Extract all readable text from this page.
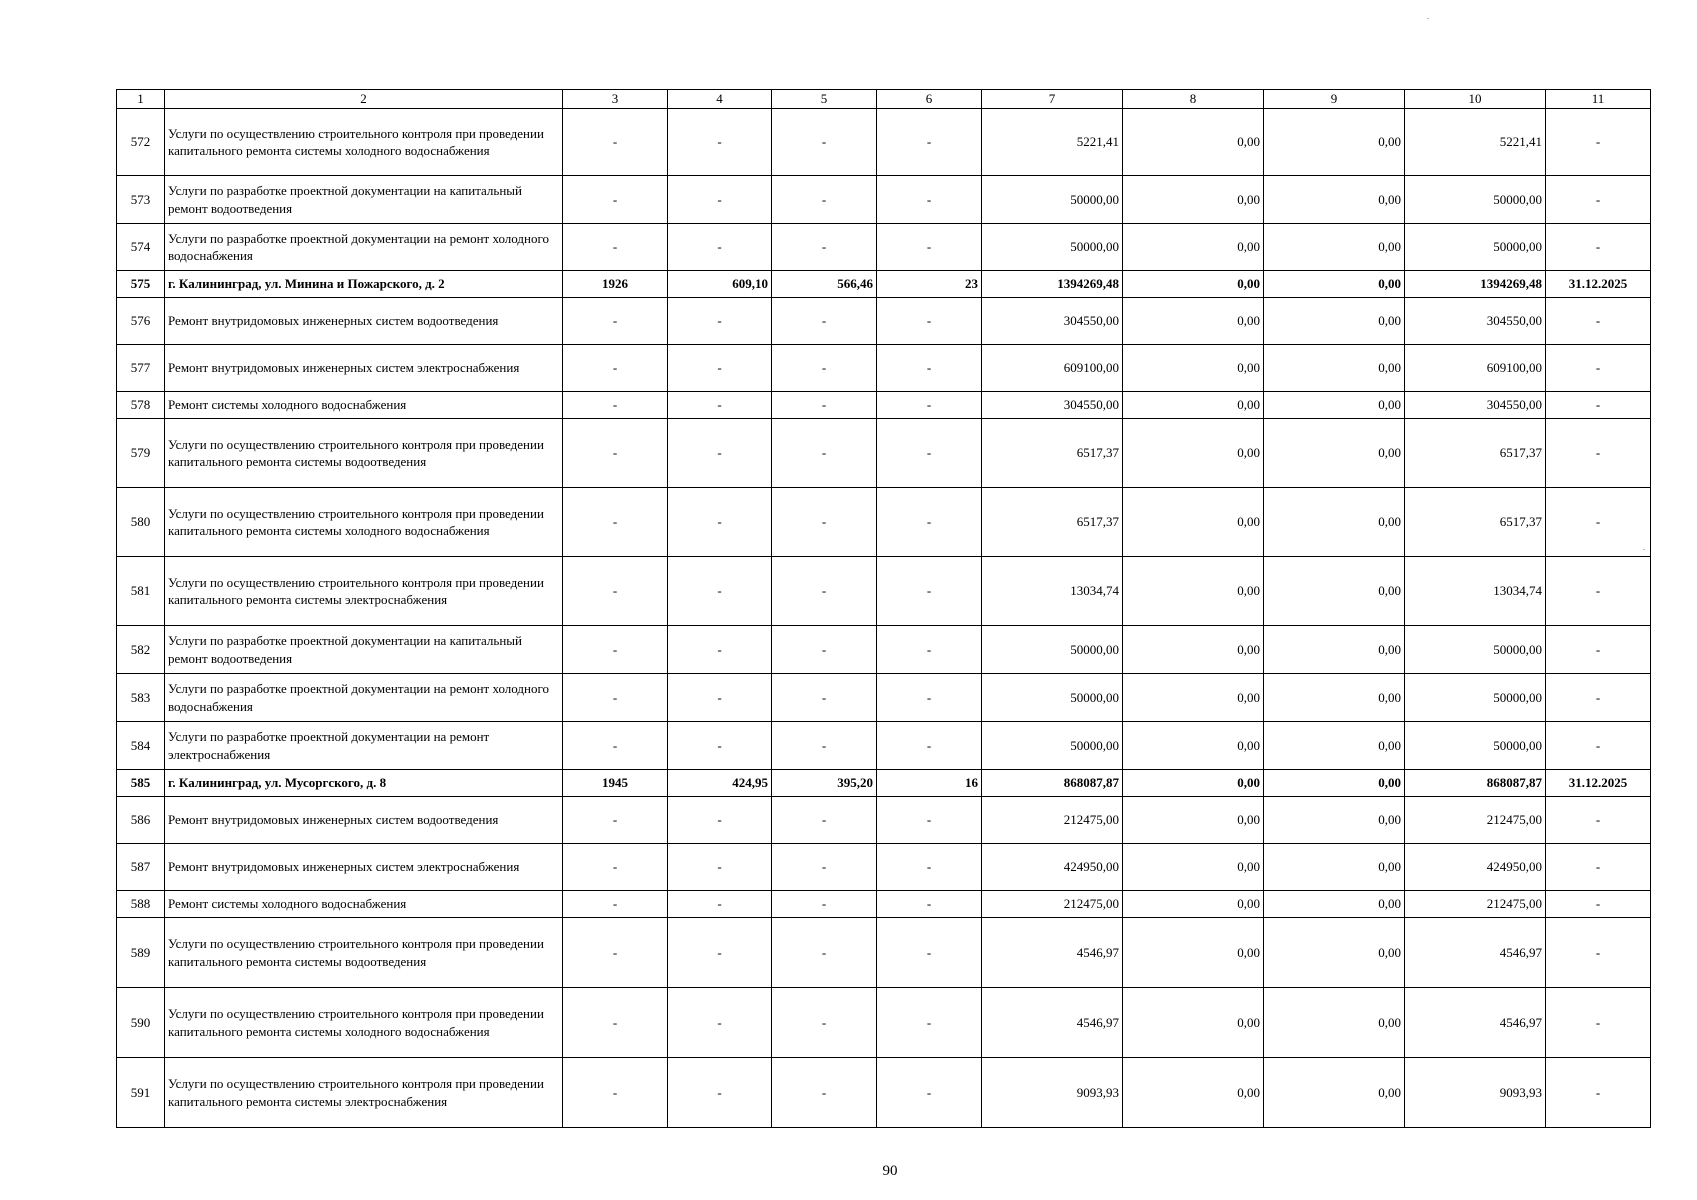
1	2	3	4	5	6	7	8	9	10	11
572	Услуги по осуществлению строительного контроля при проведении капитального ремонта системы холодного водоснабжения	-	-	-	-	5221,41	0,00	0,00	5221,41	-
573	Услуги по разработке проектной документации на капитальный ремонт водоотведения	-	-	-	-	50000,00	0,00	0,00	50000,00	-
574	Услуги по разработке проектной документации на ремонт холодного водоснабжения	-	-	-	-	50000,00	0,00	0,00	50000,00	-
575	г. Калининград, ул. Минина и Пожарского, д. 2	1926	609,10	566,46	23	1394269,48	0,00	0,00	1394269,48	31.12.2025
576	Ремонт внутридомовых инженерных систем водоотведения	-	-	-	-	304550,00	0,00	0,00	304550,00	-
577	Ремонт внутридомовых инженерных систем электроснабжения	-	-	-	-	609100,00	0,00	0,00	609100,00	-
578	Ремонт системы холодного водоснабжения	-	-	-	-	304550,00	0,00	0,00	304550,00	-
579	Услуги по осуществлению строительного контроля при проведении капитального ремонта системы водоотведения	-	-	-	-	6517,37	0,00	0,00	6517,37	-
580	Услуги по осуществлению строительного контроля при проведении капитального ремонта системы холодного водоснабжения	-	-	-	-	6517,37	0,00	0,00	6517,37	-
581	Услуги по осуществлению строительного контроля при проведении капитального ремонта системы электроснабжения	-	-	-	-	13034,74	0,00	0,00	13034,74	-
582	Услуги по разработке проектной документации на капитальный ремонт водоотведения	-	-	-	-	50000,00	0,00	0,00	50000,00	-
583	Услуги по разработке проектной документации на ремонт холодного водоснабжения	-	-	-	-	50000,00	0,00	0,00	50000,00	-
584	Услуги по разработке проектной документации на ремонт электроснабжения	-	-	-	-	50000,00	0,00	0,00	50000,00	-
585	г. Калининград, ул. Мусоргского, д. 8	1945	424,95	395,20	16	868087,87	0,00	0,00	868087,87	31.12.2025
586	Ремонт внутридомовых инженерных систем водоотведения	-	-	-	-	212475,00	0,00	0,00	212475,00	-
587	Ремонт внутридомовых инженерных систем электроснабжения	-	-	-	-	424950,00	0,00	0,00	424950,00	-
588	Ремонт системы холодного водоснабжения	-	-	-	-	212475,00	0,00	0,00	212475,00	-
589	Услуги по осуществлению строительного контроля при проведении капитального ремонта системы водоотведения	-	-	-	-	4546,97	0,00	0,00	4546,97	-
590	Услуги по осуществлению строительного контроля при проведении капитального ремонта системы холодного водоснабжения	-	-	-	-	4546,97	0,00	0,00	4546,97	-
591	Услуги по осуществлению строительного контроля при проведении капитального ремонта системы электроснабжения	-	-	-	-	9093,93	0,00	0,00	9093,93	-
90
